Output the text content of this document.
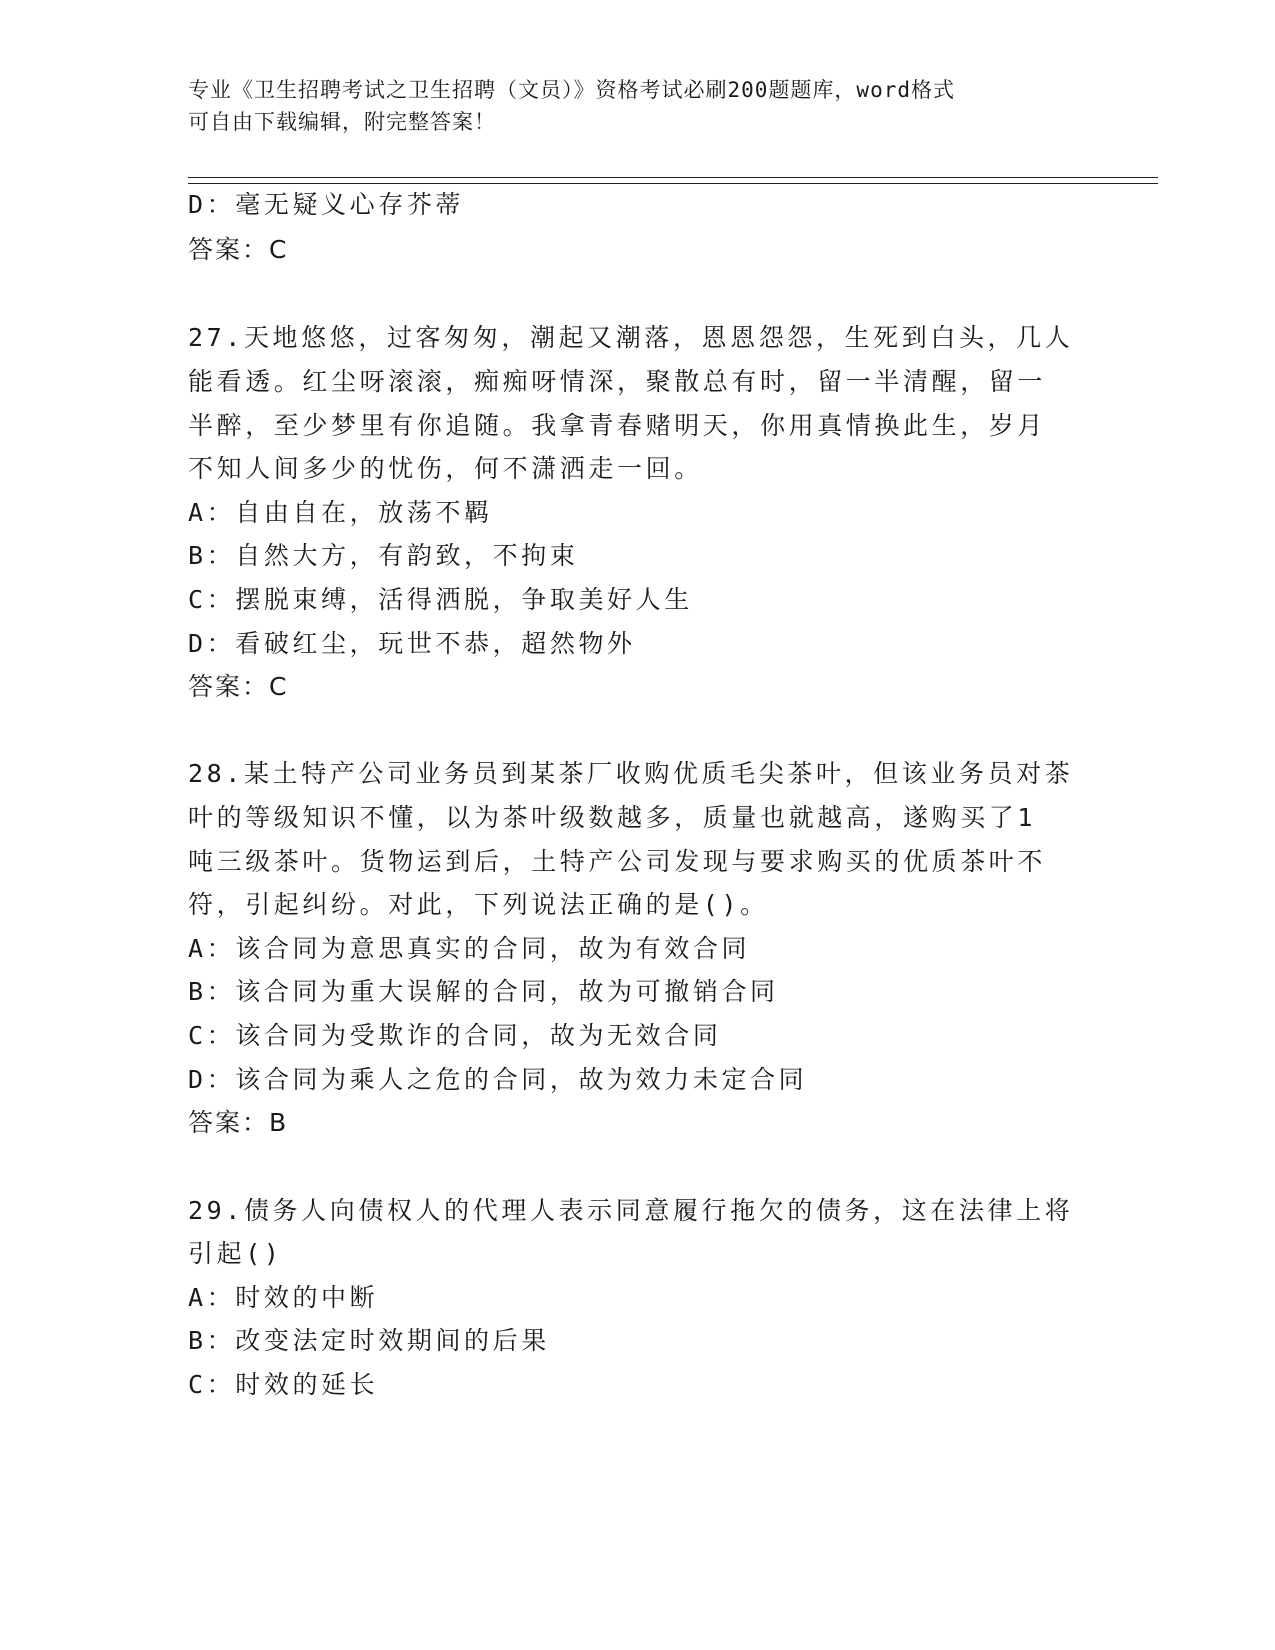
专业《卫生招聘考试之卫生招聘（文员）》资格考试必刷200题题库，word格式
可自由下载编辑，附完整答案！
D：毫无疑义心存芥蒂
答案：C
27.天地悠悠，过客匆匆，潮起又潮落，恩恩怨怨，生死到白头，几人
能看透。红尘呀滚滚，痴痴呀情深，聚散总有时，留一半清醒，留一
半醉，至少梦里有你追随。我拿青春赌明天，你用真情换此生，岁月
不知人间多少的忧伤，何不潇洒走一回。
A：自由自在，放荡不羁
B：自然大方，有韵致，不拘束
C：摆脱束缚，活得洒脱，争取美好人生
D：看破红尘，玩世不恭，超然物外
答案：C
28.某土特产公司业务员到某茶厂收购优质毛尖茶叶，但该业务员对茶
叶的等级知识不懂，以为茶叶级数越多，质量也就越高，遂购买了1
吨三级茶叶。货物运到后，土特产公司发现与要求购买的优质茶叶不
符，引起纠纷。对此，下列说法正确的是()。
A：该合同为意思真实的合同，故为有效合同
B：该合同为重大误解的合同，故为可撤销合同
C：该合同为受欺诈的合同，故为无效合同
D：该合同为乘人之危的合同，故为效力未定合同
答案：B
29.债务人向债权人的代理人表示同意履行拖欠的债务，这在法律上将
引起()
A：时效的中断
B：改变法定时效期间的后果
C：时效的延长
